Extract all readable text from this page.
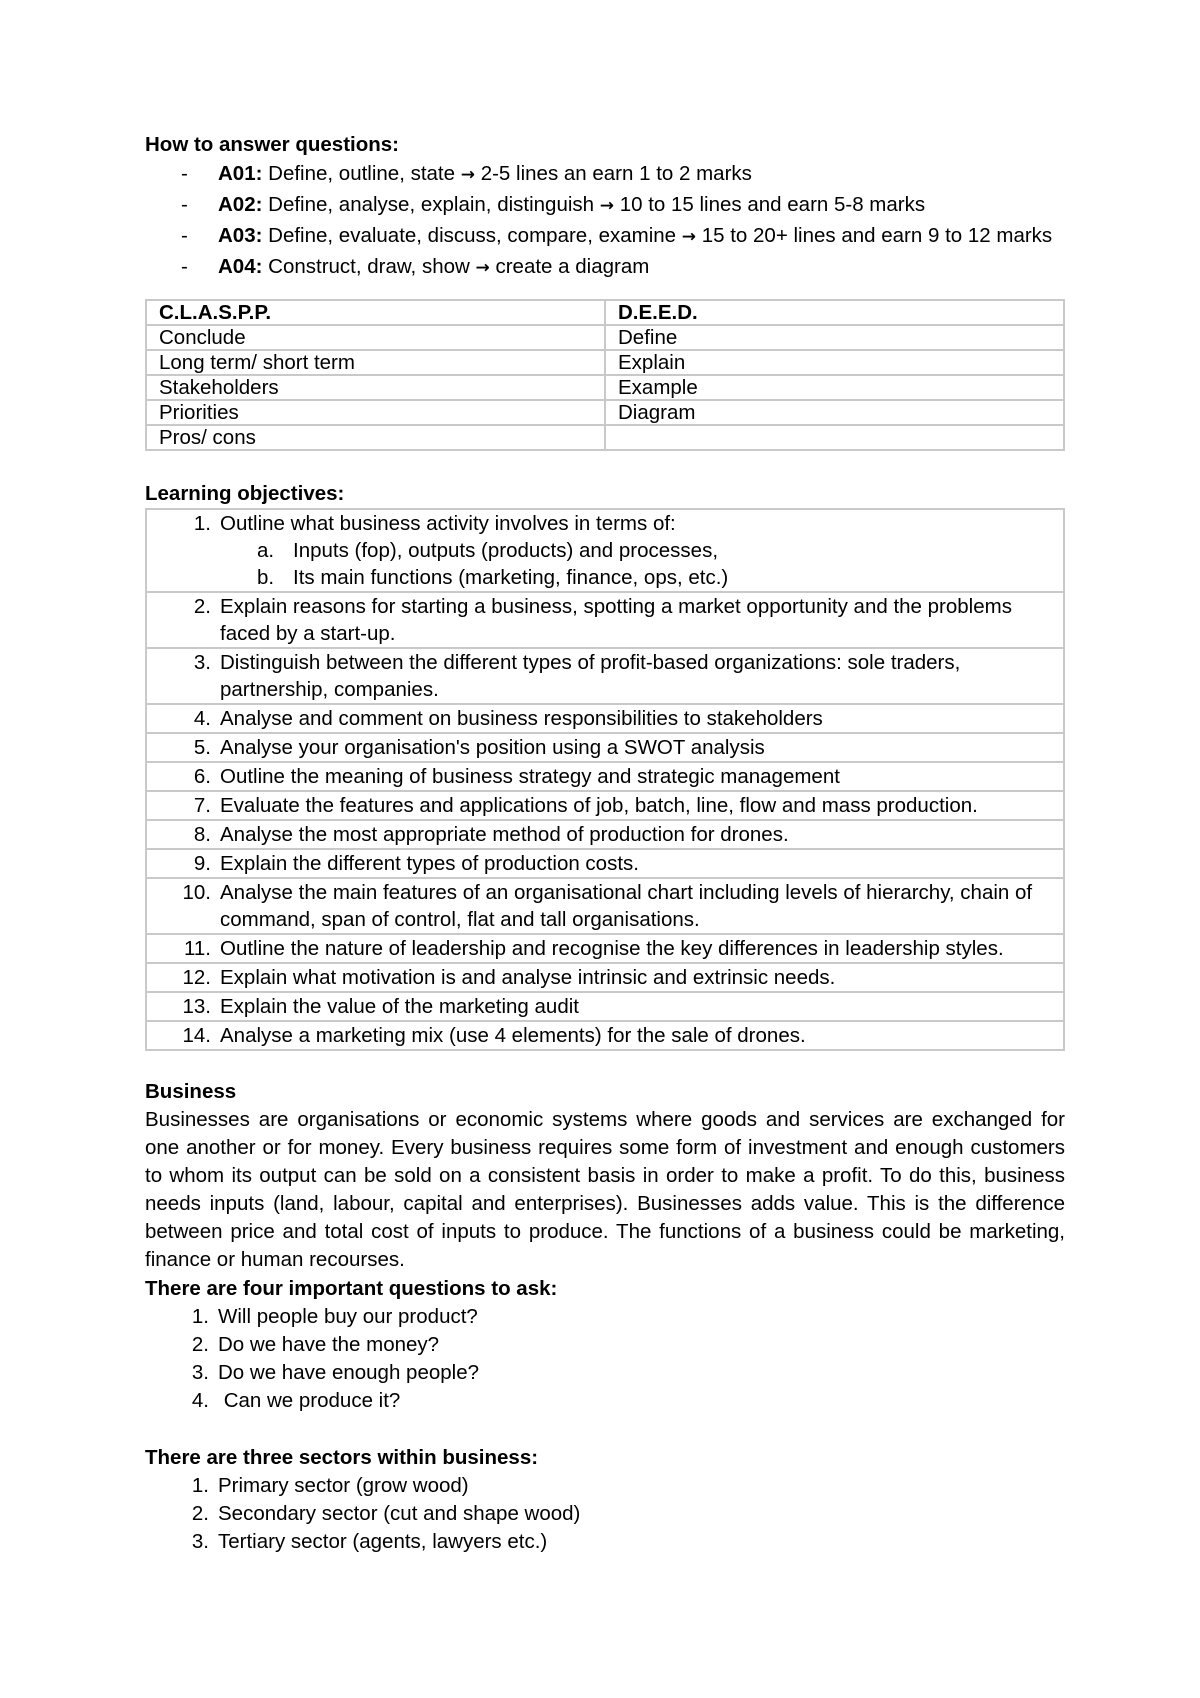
How to answer questions:
- A01: Define, outline, state → 2-5 lines an earn 1 to 2 marks
- A02: Define, analyse, explain, distinguish → 10 to 15 lines and earn 5-8 marks
- A03: Define, evaluate, discuss, compare, examine → 15 to 20+ lines and earn 9 to 12 marks
- A04: Construct, draw, show → create a diagram
C.L.A.S.P.P.	D.E.E.D.
Conclude	Define
Long term/ short term	Explain
Stakeholders	Example
Priorities	Diagram
Pros/ cons	
Learning objectives:
1. Outline what business activity involves in terms of:
a. Inputs (fop), outputs (products) and processes,
b. Its main functions (marketing, finance, ops, etc.)

2. Explain reasons for starting a business, spotting a market opportunity and the problems faced by a start-up.

3. Distinguish between the different types of profit-based organizations: sole traders, partnership, companies.

4. Analyse and comment on business responsibilities to stakeholders

5. Analyse your organisation's position using a SWOT analysis

6. Outline the meaning of business strategy and strategic management

7. Evaluate the features and applications of job, batch, line, flow and mass production.

8. Analyse the most appropriate method of production for drones.

9. Explain the different types of production costs.

10. Analyse the main features of an organisational chart including levels of hierarchy, chain of command, span of control, flat and tall organisations.

11. Outline the nature of leadership and recognise the key differences in leadership styles.

12. Explain what motivation is and analyse intrinsic and extrinsic needs.

13. Explain the value of the marketing audit

14. Analyse a marketing mix (use 4 elements) for the sale of drones.
Business

Businesses are organisations or economic systems where goods and services are exchanged for one another or for money. Every business requires some form of investment and enough customers to whom its output can be sold on a consistent basis in order to make a profit. To do this, business needs inputs (land, labour, capital and enterprises). Businesses adds value. This is the difference between price and total cost of inputs to produce. The functions of a business could be marketing, finance or human recourses.

There are four important questions to ask:
1. Will people buy our product?
2. Do we have the money?
3. Do we have enough people?
4. Can we produce it?
There are three sectors within business:
1. Primary sector (grow wood)
2. Secondary sector (cut and shape wood)
3. Tertiary sector (agents, lawyers etc.)
